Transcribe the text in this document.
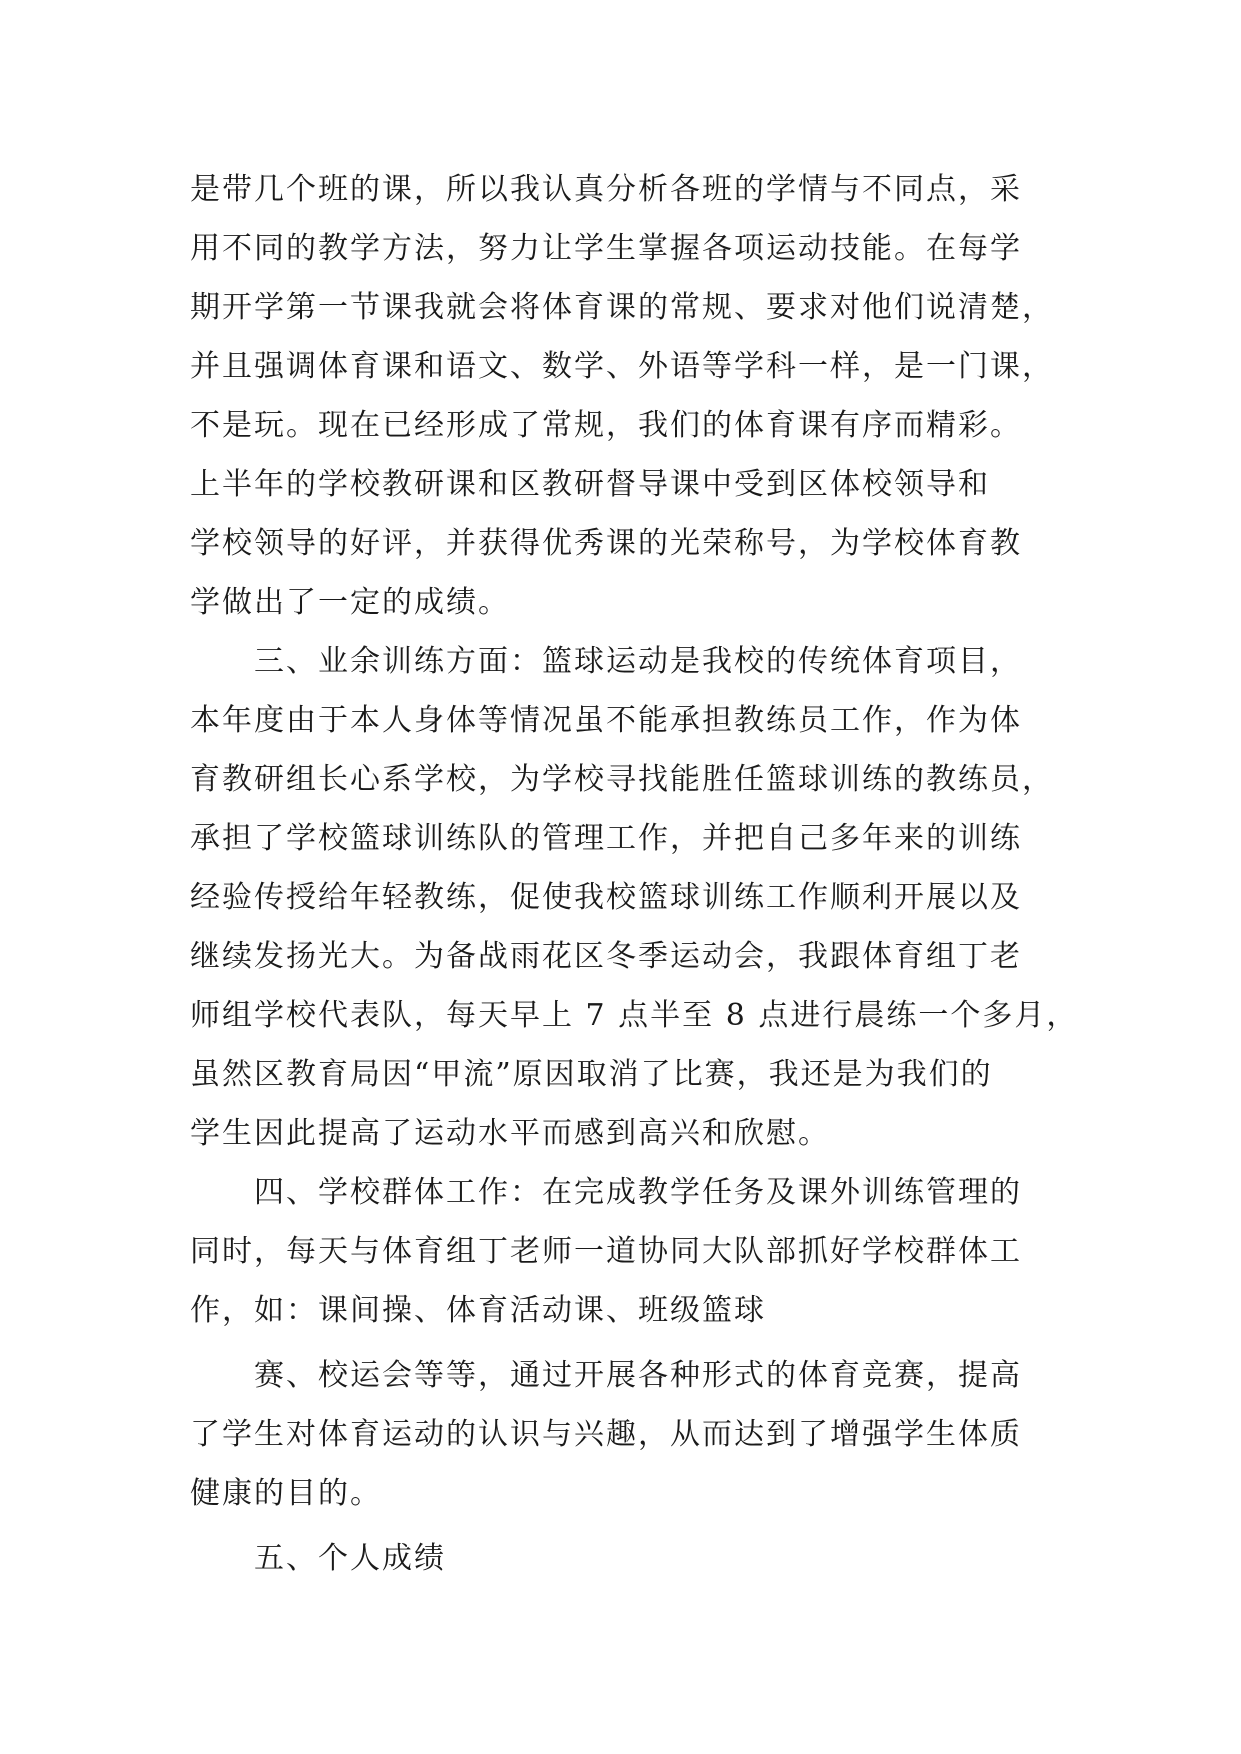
是带几个班的课，所以我认真分析各班的学情与不同点，采
用不同的教学方法，努力让学生掌握各项运动技能。在每学
期开学第一节课我就会将体育课的常规、要求对他们说清楚，
并且强调体育课和语文、数学、外语等学科一样，是一门课，
不是玩。现在已经形成了常规，我们的体育课有序而精彩。
上半年的学校教研课和区教研督导课中受到区体校领导和
学校领导的好评，并获得优秀课的光荣称号，为学校体育教
学做出了一定的成绩。
　　三、业余训练方面：篮球运动是我校的传统体育项目，
本年度由于本人身体等情况虽不能承担教练员工作，作为体
育教研组长心系学校，为学校寻找能胜任篮球训练的教练员，
承担了学校篮球训练队的管理工作，并把自己多年来的训练
经验传授给年轻教练，促使我校篮球训练工作顺利开展以及
继续发扬光大。为备战雨花区冬季运动会，我跟体育组丁老
师组学校代表队，每天早上 7 点半至 8 点进行晨练一个多月，
虽然区教育局因“甲流”原因取消了比赛，我还是为我们的
学生因此提高了运动水平而感到高兴和欣慰。
　　四、学校群体工作：在完成教学任务及课外训练管理的
同时，每天与体育组丁老师一道协同大队部抓好学校群体工
作，如：课间操、体育活动课、班级篮球
　　赛、校运会等等，通过开展各种形式的体育竞赛，提高
了学生对体育运动的认识与兴趣，从而达到了增强学生体质
健康的目的。
　　五、个人成绩
